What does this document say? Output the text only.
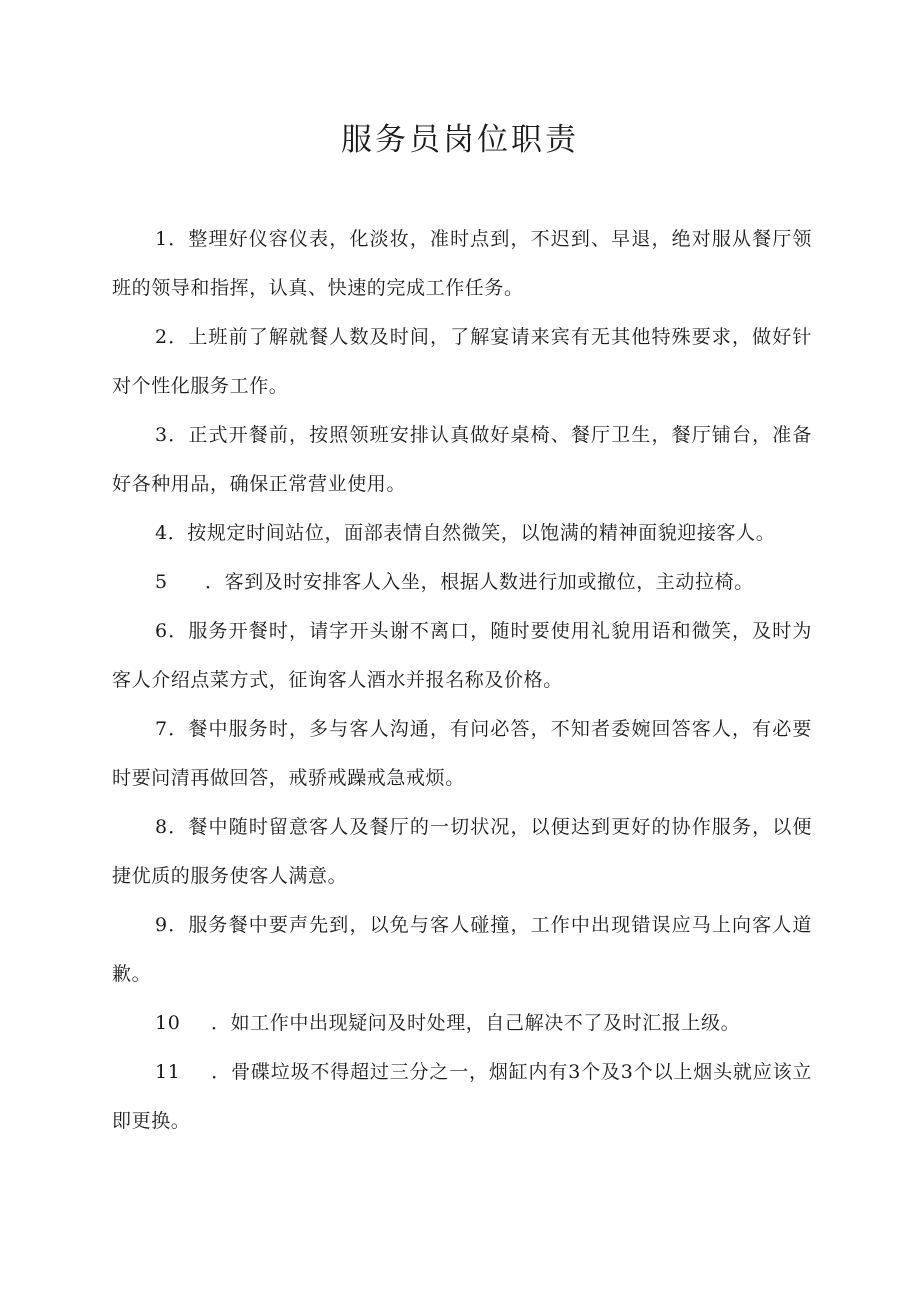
服务员岗位职责

1．整理好仪容仪表，化淡妆，准时点到，不迟到、早退，绝对服从餐厅领班的领导和指挥，认真、快速的完成工作任务。

2．上班前了解就餐人数及时间，了解宴请来宾有无其他特殊要求，做好针对个性化服务工作。

3．正式开餐前，按照领班安排认真做好桌椅、餐厅卫生，餐厅铺台，准备好各种用品，确保正常营业使用。

4．按规定时间站位，面部表情自然微笑，以饱满的精神面貌迎接客人。

5 ．客到及时安排客人入坐，根据人数进行加或撤位，主动拉椅。

6．服务开餐时，请字开头谢不离口，随时要使用礼貌用语和微笑，及时为客人介绍点菜方式，征询客人酒水并报名称及价格。

7．餐中服务时，多与客人沟通，有问必答，不知者委婉回答客人，有必要时要问清再做回答，戒骄戒躁戒急戒烦。

8．餐中随时留意客人及餐厅的一切状况，以便达到更好的协作服务，以便捷优质的服务使客人满意。

9．服务餐中要声先到，以免与客人碰撞，工作中出现错误应马上向客人道歉。

10 ．如工作中出现疑问及时处理，自己解决不了及时汇报上级。

11 ．骨碟垃圾不得超过三分之一，烟缸内有3个及3个以上烟头就应该立即更换。
